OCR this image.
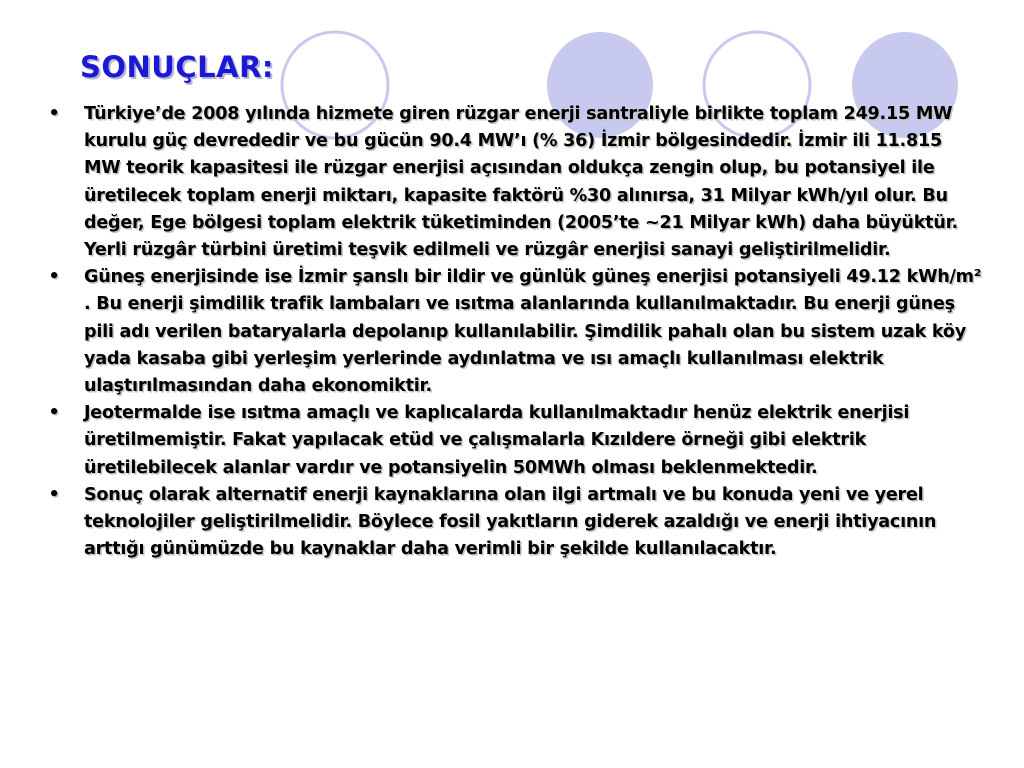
SONUÇLAR:
• Türkiye’de 2008 yılında hizmete giren rüzgar enerji santraliyle birlikte toplam 249.15 MW kurulu güç devrededir ve bu gücün 90.4 MW’ı (% 36) İzmir bölgesindedir. İzmir ili 11.815 MW teorik kapasitesi ile rüzgar enerjisi açısından oldukça zengin olup, bu potansiyel ile üretilecek toplam enerji miktarı, kapasite faktörü %30 alınırsa, 31 Milyar kWh/yıl olur. Bu değer, Ege bölgesi toplam elektrik tüketiminden (2005’te ~21 Milyar kWh) daha büyüktür. Yerli rüzgâr türbini üretimi teşvik edilmeli ve rüzgâr enerjisi sanayi geliştirilmelidir.
• Güneş enerjisinde ise İzmir şanslı bir ildir ve günlük güneş enerjisi potansiyeli 49.12 kWh/m² . Bu enerji şimdilik trafik lambaları ve ısıtma alanlarında kullanılmaktadır. Bu enerji güneş pili adı verilen bataryalarla depolanıp kullanılabilir. Şimdilik pahalı olan bu sistem uzak köy yada kasaba gibi yerleşim yerlerinde aydınlatma ve ısı amaçlı kullanılması elektrik ulaştırılmasından daha ekonomiktir.
• Jeotermalde ise ısıtma amaçlı ve kaplıcalarda kullanılmaktadır henüz elektrik enerjisi üretilmemiştir. Fakat yapılacak etüd ve çalışmalarla Kızıldere örneği gibi elektrik üretilebilecek alanlar vardır ve potansiyelin 50MWh olması beklenmektedir.
• Sonuç olarak alternatif enerji kaynaklarına olan ilgi artmalı ve bu konuda yeni ve yerel teknolojiler geliştirilmelidir. Böylece fosil yakıtların giderek azaldığı ve enerji ihtiyacının arttığı günümüzde bu kaynaklar daha verimli bir şekilde kullanılacaktır.
